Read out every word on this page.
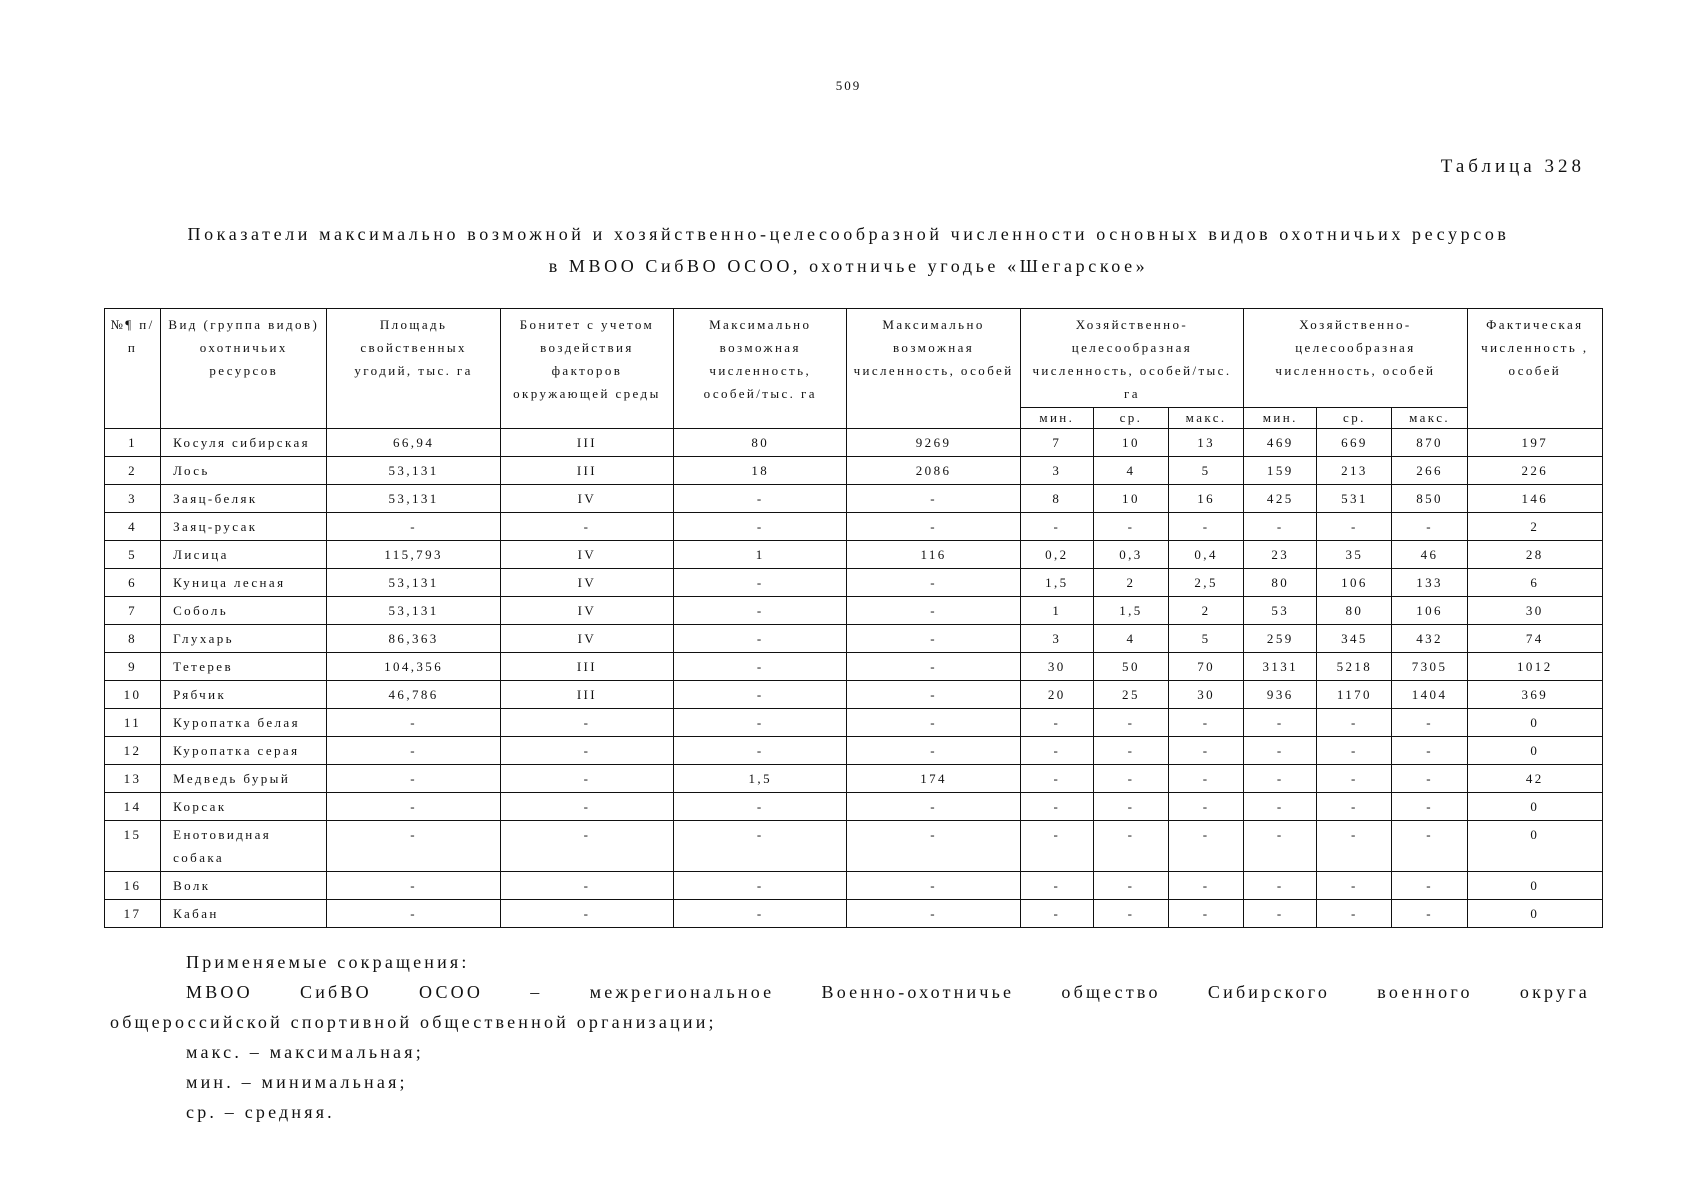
509
Таблица 328
Показатели максимально возможной и хозяйственно-целесообразной численности основных видов охотничьих ресурсов
в МВОО СибВО ОСОО, охотничье угодье «Шегарское»
№¶ п/п	Вид (группа видов) охотничьих ресурсов	Площадь свойственных угодий, тыс. га	Бонитет с учетом воздействия факторов окружающей среды	Максимально возможная численность, особей/тыс. га	Максимально возможная численность, особей	Хозяйственно-целесообразная численность, особей/тыс. га			Хозяйственно-целесообразная численность, особей			Фактическая численность , особей
						мин.	ср.	макс.	мин.	ср.	макс.	
1	Косуля сибирская	66,94	III	80	9269	7	10	13	469	669	870	197
2	Лось	53,131	III	18	2086	3	4	5	159	213	266	226
3	Заяц-беляк	53,131	IV	-	-	8	10	16	425	531	850	146
4	Заяц-русак	-	-	-	-	-	-	-	-	-	-	2
5	Лисица	115,793	IV	1	116	0,2	0,3	0,4	23	35	46	28
6	Куница лесная	53,131	IV	-	-	1,5	2	2,5	80	106	133	6
7	Соболь	53,131	IV	-	-	1	1,5	2	53	80	106	30
8	Глухарь	86,363	IV	-	-	3	4	5	259	345	432	74
9	Тетерев	104,356	III	-	-	30	50	70	3131	5218	7305	1012
10	Рябчик	46,786	III	-	-	20	25	30	936	1170	1404	369
11	Куропатка белая	-	-	-	-	-	-	-	-	-	-	0
12	Куропатка серая	-	-	-	-	-	-	-	-	-	-	0
13	Медведь бурый	-	-	1,5	174	-	-	-	-	-	-	42
14	Корсак	-	-	-	-	-	-	-	-	-	-	0
15	Енотовидная собака	-	-	-	-	-	-	-	-	-	-	0
16	Волк	-	-	-	-	-	-	-	-	-	-	0
17	Кабан	-	-	-	-	-	-	-	-	-	-	0
Применяемые сокращения:
МВОО СибВО ОСОО – межрегиональное Военно-охотничье общество Сибирского военного округа
общероссийской спортивной общественной организации;
макс. – максимальная;
мин. – минимальная;
ср. – средняя.
